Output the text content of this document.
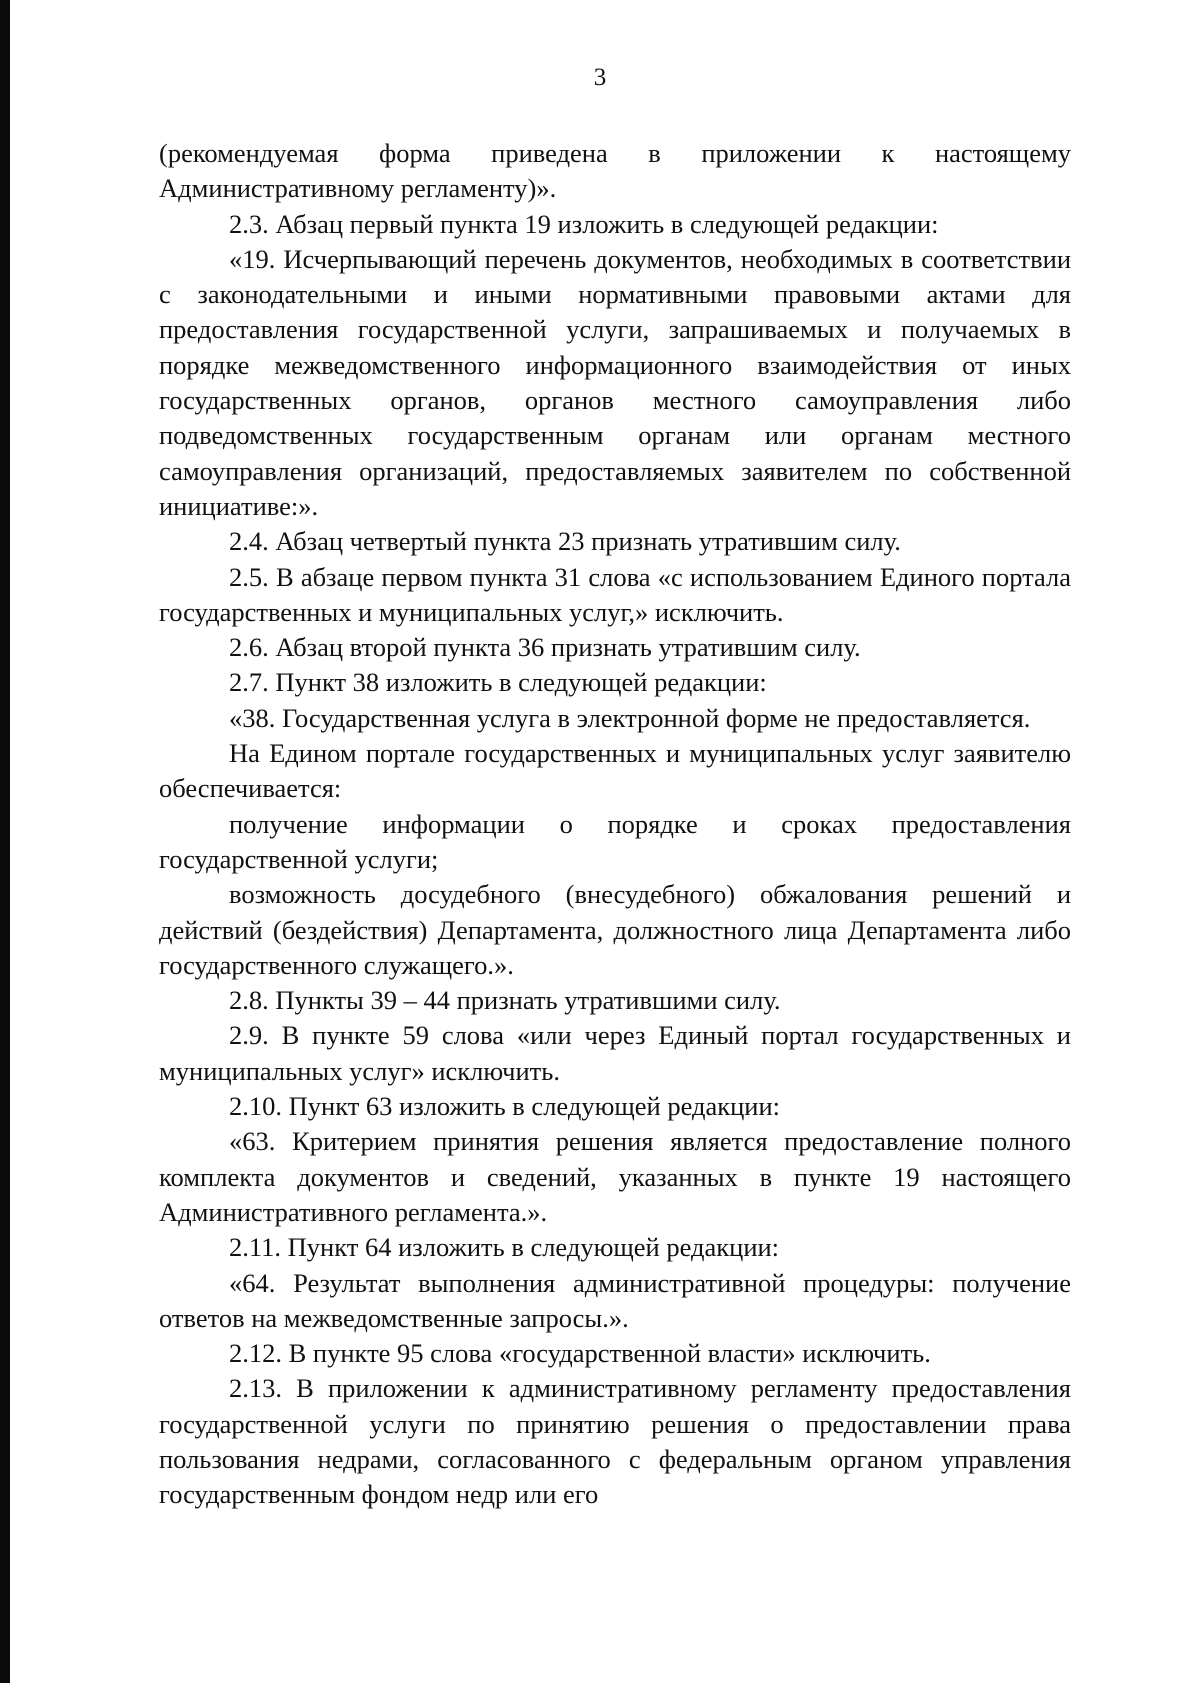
3

(рекомендуемая форма приведена в приложении к настоящему Административному регламенту)».

2.3. Абзац первый пункта 19 изложить в следующей редакции:

«19. Исчерпывающий перечень документов, необходимых в соответствии с законодательными и иными нормативными правовыми актами для предоставления государственной услуги, запрашиваемых и получаемых в порядке межведомственного информационного взаимодействия от иных государственных органов, органов местного самоуправления либо подведомственных государственным органам или органам местного самоуправления организаций, предоставляемых заявителем по собственной инициативе:».

2.4. Абзац четвертый пункта 23 признать утратившим силу.

2.5. В абзаце первом пункта 31 слова «с использованием Единого портала государственных и муниципальных услуг,» исключить.

2.6. Абзац второй пункта 36 признать утратившим силу.

2.7. Пункт 38 изложить в следующей редакции:

«38. Государственная услуга в электронной форме не предоставляется.

На Едином портале государственных и муниципальных услуг заявителю обеспечивается:

получение информации о порядке и сроках предоставления государственной услуги;

возможность досудебного (внесудебного) обжалования решений и действий (бездействия) Департамента, должностного лица Департамента либо государственного служащего.».

2.8. Пункты 39 – 44 признать утратившими силу.

2.9. В пункте 59 слова «или через Единый портал государственных и муниципальных услуг» исключить.

2.10. Пункт 63 изложить в следующей редакции:

«63. Критерием принятия решения является предоставление полного комплекта документов и сведений, указанных в пункте 19 настоящего Административного регламента.».

2.11. Пункт 64 изложить в следующей редакции:

«64. Результат выполнения административной процедуры: получение ответов на межведомственные запросы.».

2.12. В пункте 95 слова «государственной власти» исключить.

2.13. В приложении к административному регламенту предоставления государственной услуги по принятию решения о предоставлении права пользования недрами, согласованного с федеральным органом управления государственным фондом недр или его
